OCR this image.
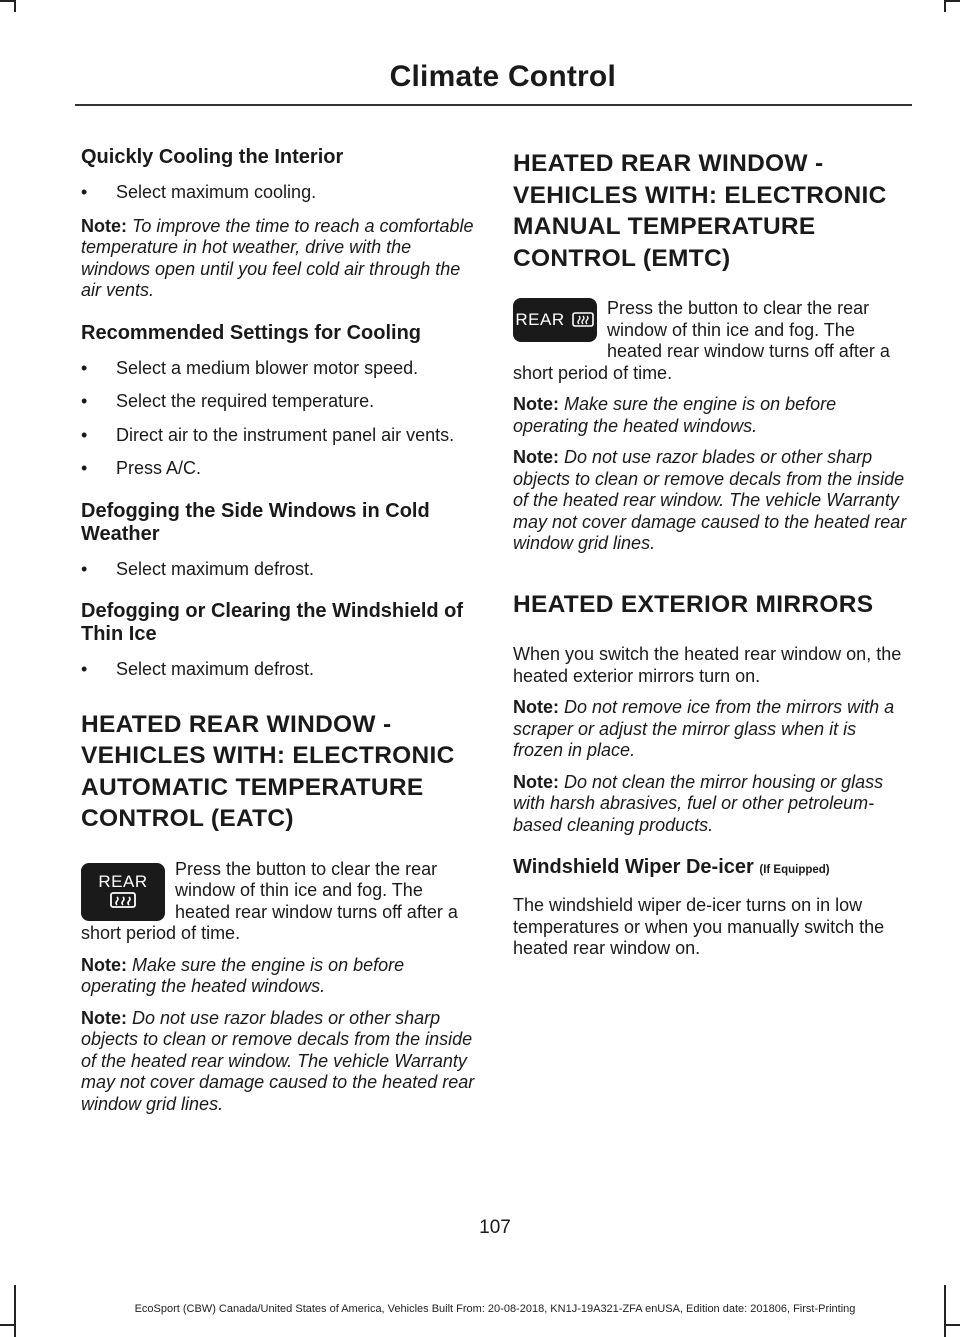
Climate Control
Quickly Cooling the Interior
•	Select maximum cooling.

Note: To improve the time to reach a comfortable temperature in hot weather, drive with the windows open until you feel cold air through the air vents.

Recommended Settings for Cooling
•	Select a medium blower motor speed.
•	Select the required temperature.
•	Direct air to the instrument panel air vents.
•	Press A/C.
Defogging the Side Windows in Cold Weather
•	Select maximum defrost.
Defogging or Clearing the Windshield of Thin Ice
•	Select maximum defrost.
HEATED REAR WINDOW - VEHICLES WITH: ELECTRONIC AUTOMATIC TEMPERATURE CONTROL (EATC)
REAR
Press the button to clear the rear window of thin ice and fog. The heated rear window turns off after a short period of time.

Note: Make sure the engine is on before operating the heated windows.

Note: Do not use razor blades or other sharp objects to clean or remove decals from the inside of the heated rear window. The vehicle Warranty may not cover damage caused to the heated rear window grid lines.

HEATED REAR WINDOW - VEHICLES WITH: ELECTRONIC MANUAL TEMPERATURE CONTROL (EMTC)
REAR
Press the button to clear the rear window of thin ice and fog. The heated rear window turns off after a short period of time.

Note: Make sure the engine is on before operating the heated windows.

Note: Do not use razor blades or other sharp objects to clean or remove decals from the inside of the heated rear window. The vehicle Warranty may not cover damage caused to the heated rear window grid lines.

HEATED EXTERIOR MIRRORS

When you switch the heated rear window on, the heated exterior mirrors turn on.

Note: Do not remove ice from the mirrors with a scraper or adjust the mirror glass when it is frozen in place.

Note: Do not clean the mirror housing or glass with harsh abrasives, fuel or other petroleum-based cleaning products.

Windshield Wiper De-icer (If Equipped)

The windshield wiper de-icer turns on in low temperatures or when you manually switch the heated rear window on.

107
EcoSport (CBW) Canada/United States of America, Vehicles Built From: 20-08-2018, KN1J-19A321-ZFA enUSA, Edition date: 201806, First-Printing
